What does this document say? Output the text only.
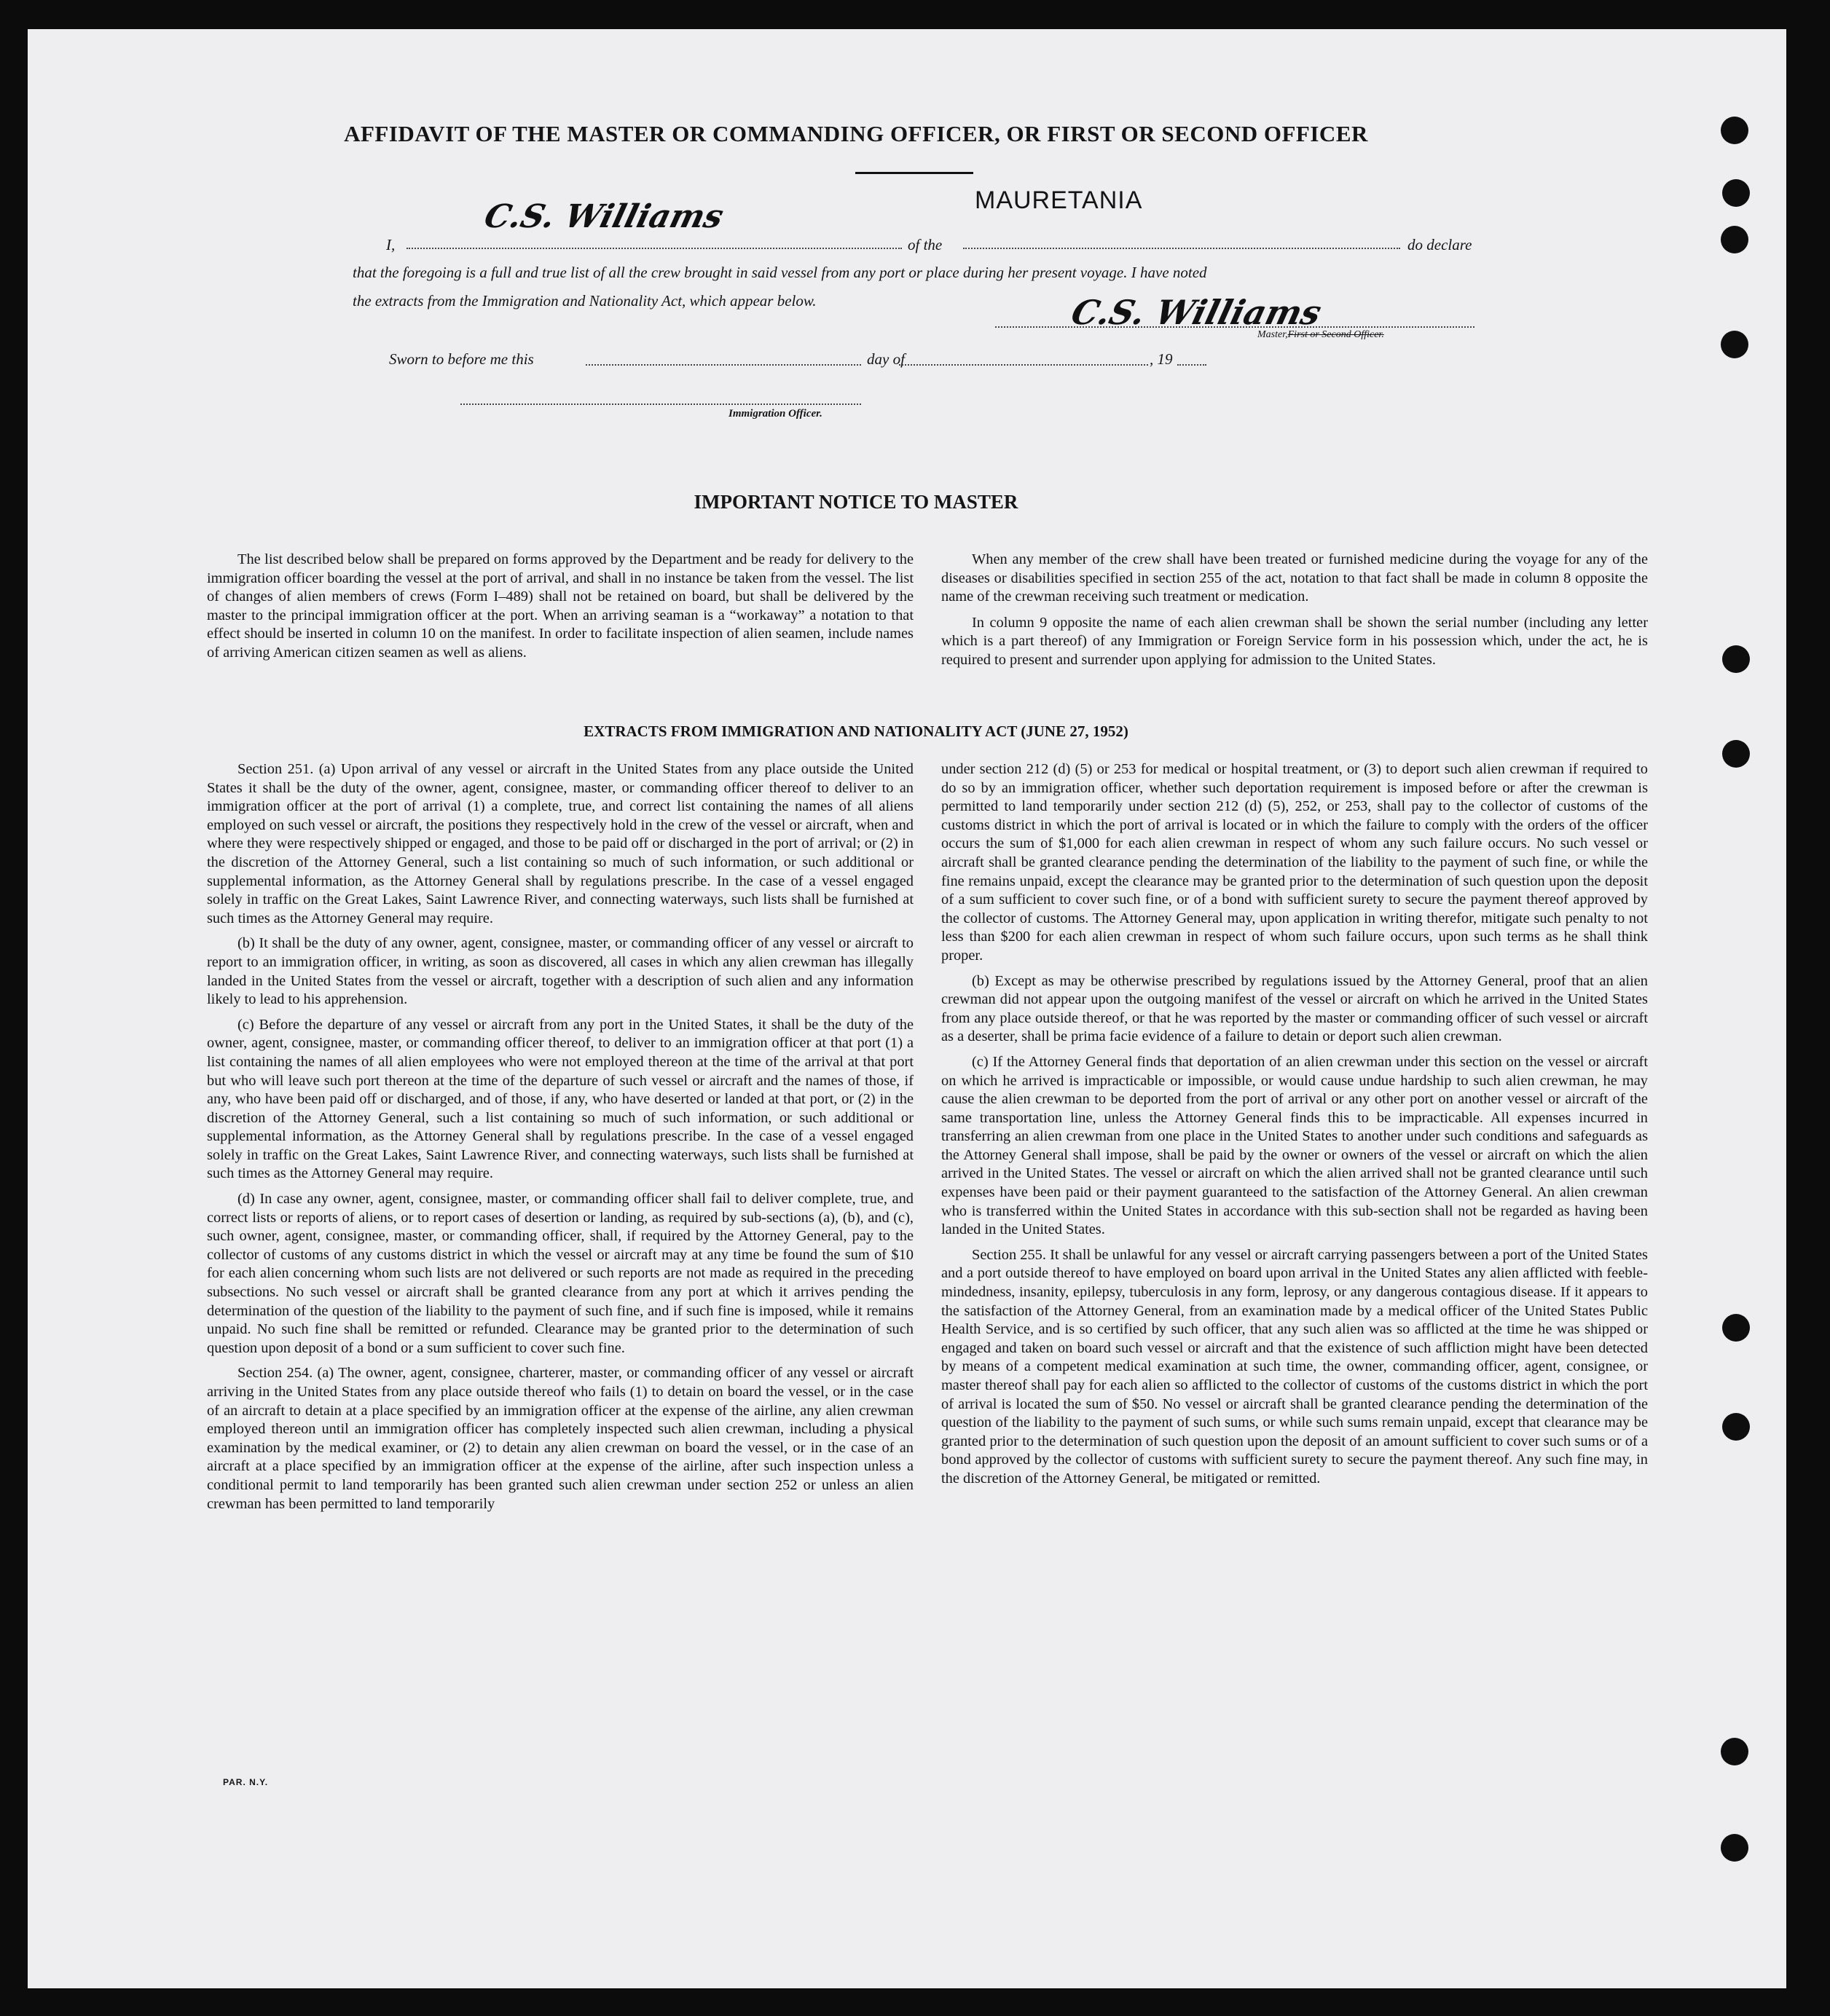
AFFIDAVIT OF THE MASTER OR COMMANDING OFFICER, OR FIRST OR SECOND OFFICER
I,
C.S. Williams
of the
MAURETANIA
do declare
that the foregoing is a full and true list of all the crew brought in said vessel from any port or place during her present voyage. I have noted
the extracts from the Immigration and Nationality Act, which appear below.	C.S. Williams
Master,First or Second Officer.
Sworn to before me this	day of	, 19
Immigration Officer.
IMPORTANT NOTICE TO MASTER

The list described below shall be prepared on forms approved by the Department and be ready for delivery to the immigration officer boarding the vessel at the port of arrival, and shall in no instance be taken from the vessel. The list of changes of alien members of crews (Form I–489) shall not be retained on board, but shall be delivered by the master to the principal immigration officer at the port. When an arriving seaman is a “workaway” a notation to that effect should be inserted in column 10 on the manifest. In order to facilitate inspection of alien seamen, include names of arriving American citizen seamen as well as aliens.

When any member of the crew shall have been treated or furnished medicine during the voyage for any of the diseases or disabilities specified in section 255 of the act, notation to that fact shall be made in column 8 opposite the name of the crewman receiving such treatment or medication.

In column 9 opposite the name of each alien crewman shall be shown the serial number (including any letter which is a part thereof) of any Immigration or Foreign Service form in his possession which, under the act, he is required to present and surrender upon applying for admission to the United States.

EXTRACTS FROM IMMIGRATION AND NATIONALITY ACT (JUNE 27, 1952)

Section 251. (a) Upon arrival of any vessel or aircraft in the United States from any place outside the United States it shall be the duty of the owner, agent, consignee, master, or commanding officer thereof to deliver to an immigration officer at the port of arrival (1) a complete, true, and correct list containing the names of all aliens employed on such vessel or aircraft, the positions they respectively hold in the crew of the vessel or aircraft, when and where they were respectively shipped or engaged, and those to be paid off or discharged in the port of arrival; or (2) in the discretion of the Attorney General, such a list containing so much of such information, or such additional or supplemental information, as the Attorney General shall by regulations prescribe. In the case of a vessel engaged solely in traffic on the Great Lakes, Saint Lawrence River, and connecting waterways, such lists shall be furnished at such times as the Attorney General may require.

(b) It shall be the duty of any owner, agent, consignee, master, or commanding officer of any vessel or aircraft to report to an immigration officer, in writing, as soon as discovered, all cases in which any alien crewman has illegally landed in the United States from the vessel or aircraft, together with a description of such alien and any information likely to lead to his apprehension.

(c) Before the departure of any vessel or aircraft from any port in the United States, it shall be the duty of the owner, agent, consignee, master, or commanding officer thereof, to deliver to an immigration officer at that port (1) a list containing the names of all alien employees who were not employed thereon at the time of the arrival at that port but who will leave such port thereon at the time of the departure of such vessel or aircraft and the names of those, if any, who have been paid off or discharged, and of those, if any, who have deserted or landed at that port, or (2) in the discretion of the Attorney General, such a list containing so much of such information, or such additional or supplemental information, as the Attorney General shall by regulations prescribe. In the case of a vessel engaged solely in traffic on the Great Lakes, Saint Lawrence River, and connecting waterways, such lists shall be furnished at such times as the Attorney General may require.

(d) In case any owner, agent, consignee, master, or commanding officer shall fail to deliver complete, true, and correct lists or reports of aliens, or to report cases of desertion or landing, as required by sub-sections (a), (b), and (c), such owner, agent, consignee, master, or commanding officer, shall, if required by the Attorney General, pay to the collector of customs of any customs district in which the vessel or aircraft may at any time be found the sum of $10 for each alien concerning whom such lists are not delivered or such reports are not made as required in the preceding subsections. No such vessel or aircraft shall be granted clearance from any port at which it arrives pending the determination of the question of the liability to the payment of such fine, and if such fine is imposed, while it remains unpaid. No such fine shall be remitted or refunded. Clearance may be granted prior to the determination of such question upon deposit of a bond or a sum sufficient to cover such fine.

Section 254. (a) The owner, agent, consignee, charterer, master, or commanding officer of any vessel or aircraft arriving in the United States from any place outside thereof who fails (1) to detain on board the vessel, or in the case of an aircraft to detain at a place specified by an immigration officer at the expense of the airline, any alien crewman employed thereon until an immigration officer has completely inspected such alien crewman, including a physical examination by the medical examiner, or (2) to detain any alien crewman on board the vessel, or in the case of an aircraft at a place specified by an immigration officer at the expense of the airline, after such inspection unless a conditional permit to land temporarily has been granted such alien crewman under section 252 or unless an alien crewman has been permitted to land temporarily

under section 212 (d) (5) or 253 for medical or hospital treatment, or (3) to deport such alien crewman if required to do so by an immigration officer, whether such deportation requirement is imposed before or after the crewman is permitted to land temporarily under section 212 (d) (5), 252, or 253, shall pay to the collector of customs of the customs district in which the port of arrival is located or in which the failure to comply with the orders of the officer occurs the sum of $1,000 for each alien crewman in respect of whom any such failure occurs. No such vessel or aircraft shall be granted clearance pending the determination of the liability to the payment of such fine, or while the fine remains unpaid, except the clearance may be granted prior to the determination of such question upon the deposit of a sum sufficient to cover such fine, or of a bond with sufficient surety to secure the payment thereof approved by the collector of customs. The Attorney General may, upon application in writing therefor, mitigate such penalty to not less than $200 for each alien crewman in respect of whom such failure occurs, upon such terms as he shall think proper.

(b) Except as may be otherwise prescribed by regulations issued by the Attorney General, proof that an alien crewman did not appear upon the outgoing manifest of the vessel or aircraft on which he arrived in the United States from any place outside thereof, or that he was reported by the master or commanding officer of such vessel or aircraft as a deserter, shall be prima facie evidence of a failure to detain or deport such alien crewman.

(c) If the Attorney General finds that deportation of an alien crewman under this section on the vessel or aircraft on which he arrived is impracticable or impossible, or would cause undue hardship to such alien crewman, he may cause the alien crewman to be deported from the port of arrival or any other port on another vessel or aircraft of the same transportation line, unless the Attorney General finds this to be impracticable. All expenses incurred in transferring an alien crewman from one place in the United States to another under such conditions and safeguards as the Attorney General shall impose, shall be paid by the owner or owners of the vessel or aircraft on which the alien arrived in the United States. The vessel or aircraft on which the alien arrived shall not be granted clearance until such expenses have been paid or their payment guaranteed to the satisfaction of the Attorney General. An alien crewman who is transferred within the United States in accordance with this sub-section shall not be regarded as having been landed in the United States.

Section 255. It shall be unlawful for any vessel or aircraft carrying passengers between a port of the United States and a port outside thereof to have employed on board upon arrival in the United States any alien afflicted with feeble-mindedness, insanity, epilepsy, tuberculosis in any form, leprosy, or any dangerous contagious disease. If it appears to the satisfaction of the Attorney General, from an examination made by a medical officer of the United States Public Health Service, and is so certified by such officer, that any such alien was so afflicted at the time he was shipped or engaged and taken on board such vessel or aircraft and that the existence of such affliction might have been detected by means of a competent medical examination at such time, the owner, commanding officer, agent, consignee, or master thereof shall pay for each alien so afflicted to the collector of customs of the customs district in which the port of arrival is located the sum of $50. No vessel or aircraft shall be granted clearance pending the determination of the question of the liability to the payment of such sums, or while such sums remain unpaid, except that clearance may be granted prior to the determination of such question upon the deposit of an amount sufficient to cover such sums or of a bond approved by the collector of customs with sufficient surety to secure the payment thereof. Any such fine may, in the discretion of the Attorney General, be mitigated or remitted.

PAR. N.Y.
